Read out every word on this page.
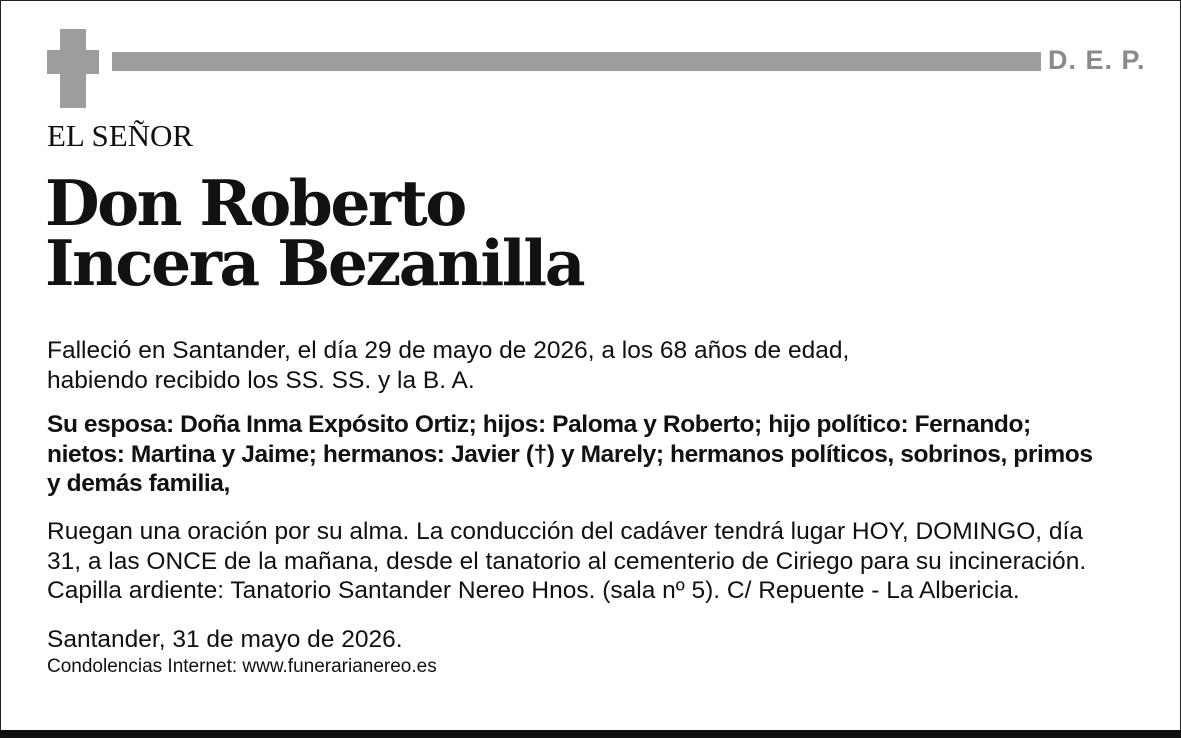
D. E. P.
EL SEÑOR
Don Roberto
Incera Bezanilla
Falleció en Santander, el día 29 de mayo de 2026, a los 68 años de edad,
habiendo recibido los SS. SS. y la B. A.
Su esposa: Doña Inma Expósito Ortiz; hijos: Paloma y Roberto; hijo político: Fernando;
nietos: Martina y Jaime; hermanos: Javier (†) y Marely; hermanos políticos, sobrinos, primos
y demás familia,
Ruegan una oración por su alma. La conducción del cadáver tendrá lugar HOY, DOMINGO, día
31, a las ONCE de la mañana, desde el tanatorio al cementerio de Ciriego para su incineración.
Capilla ardiente: Tanatorio Santander Nereo Hnos. (sala nº 5). C/ Repuente - La Albericia.
Santander, 31 de mayo de 2026.
Condolencias Internet: www.funerarianereo.es
